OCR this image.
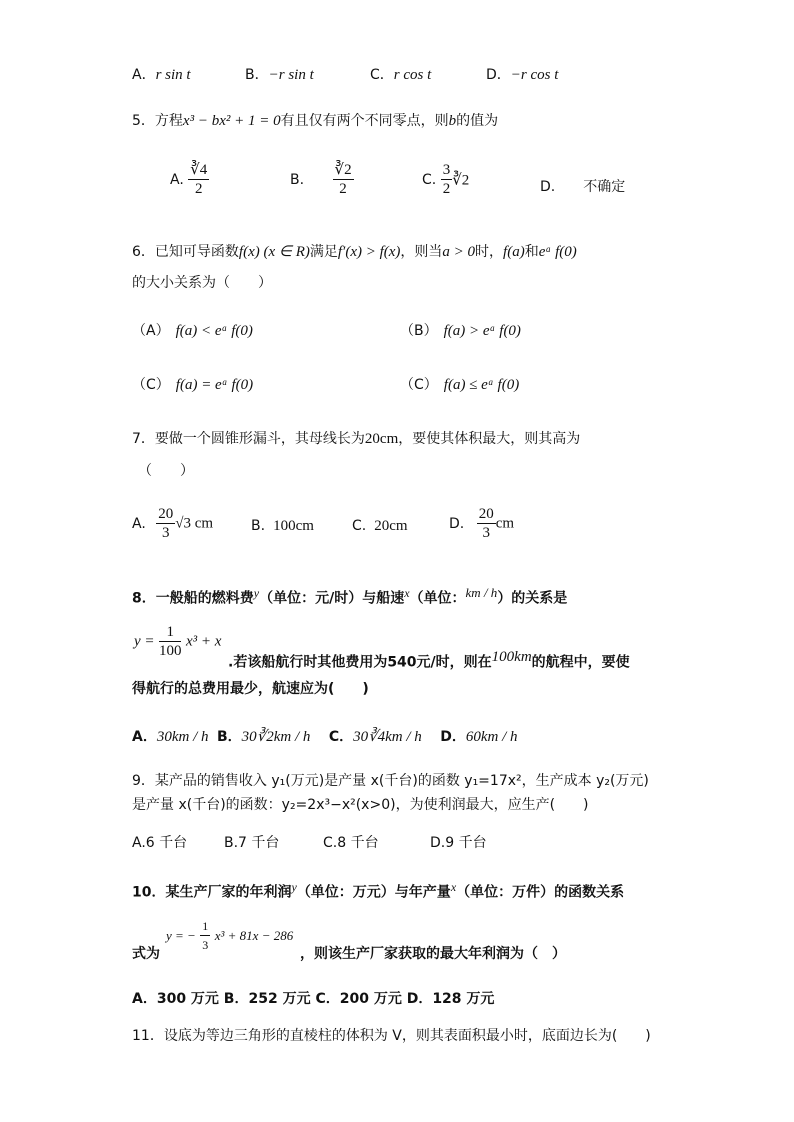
A．r sin t	B．−r sin t	C．r cos t	D．−r cos t
5．方程x³ − bx² + 1 = 0有且仅有两个不同零点，则b的值为
A. $\frac{∛4}{2}$	B. $\frac{∛2}{2}$	C. $\frac{3}{2}$ ∛2	D. 不确定
6．已知可导函数f(x) (x ∈ R)满足f′(x) > f(x)，则当a > 0时，f(a)和eᵃ f(0)
的大小关系为（　　）
（A） f(a) < eᵃ f(0)	（B） f(a) > eᵃ f(0)
（C） f(a) = eᵃ f(0)	（C） f(a) ≤ eᵃ f(0)
7．要做一个圆锥形漏斗，其母线长为20cm，要使其体积最大，则其高为
（　　）
A. $\frac{20}{3} √3$ cm	B. 100cm	C. 20cm	D. $\frac{20}{3}$ cm
8．一般船的燃料费y（单位：元/时）与船速x（单位：km / h）的关系是
$y = \frac{1}{100} x^3 + x$
.若该船航行时其他费用为540元/时，则在100km的航程中，要使
得航行的总费用最少，航速应为(　　)
A．30km / h B．30∛2km / h C．30∛4km / h D．60km / h
9．某产品的销售收入 y₁(万元)是产量 x(千台)的函数 y₁=17x²，生产成本 y₂(万元)
是产量 x(千台)的函数：y₂=2x³−x²(x>0)，为使利润最大，应生产(　　)
A.6 千台	B.7 千台	C.8 千台	D.9 千台
10．某生产厂家的年利润y（单位：万元）与年产量x（单位：万件）的函数关系
式为
y = − $\frac{1}{3} x^3 + 81x - 286$
，则该生产厂家获取的最大年利润为（　）
A．300 万元 B．252 万元 C．200 万元 D．128 万元
11．设底为等边三角形的直棱柱的体积为 V，则其表面积最小时，底面边长为(　　)
